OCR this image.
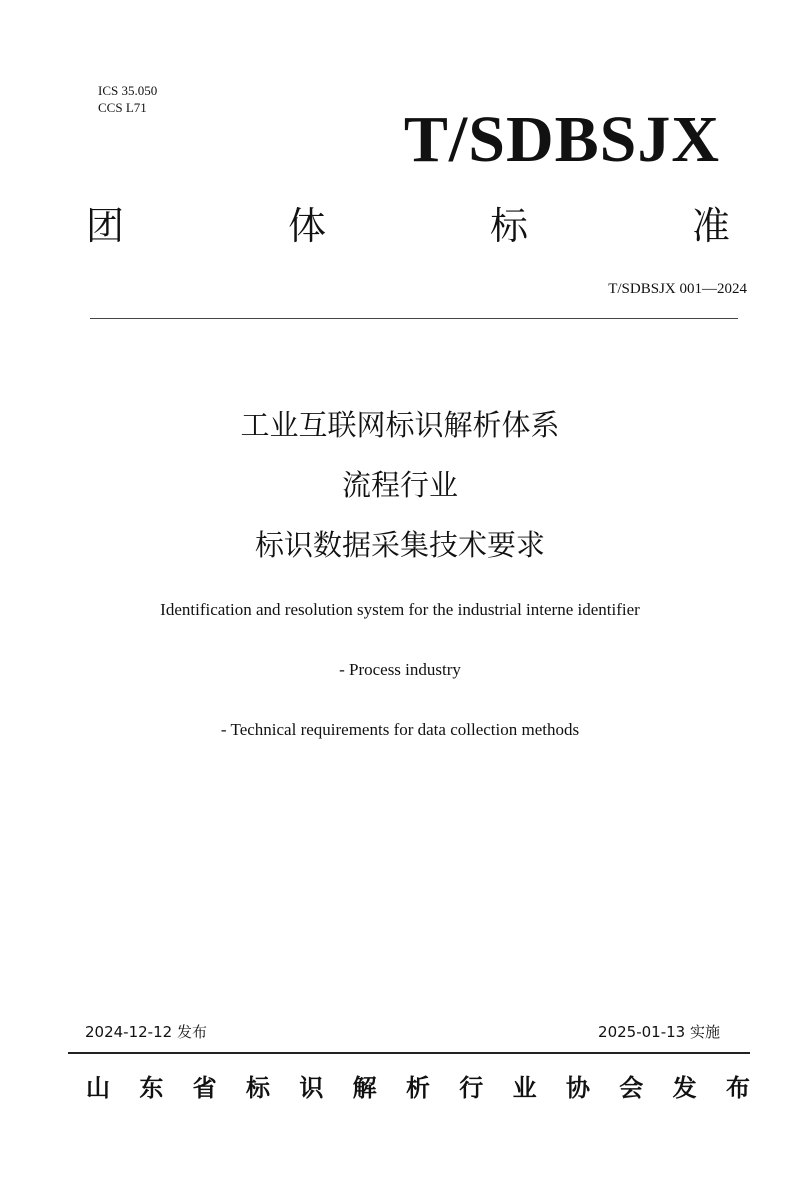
ICS 35.050
CCS L71	T/SDBSJX
团	体	标	准
T/SDBSJX 001—2024
工业互联网标识解析体系
流程行业
标识数据采集技术要求
Identification and resolution system for the industrial interne identifier
- Process industry
- Technical requirements for data collection methods
2024-12-12 发布	2025-01-13 实施
山 东 省 标 识 解 析 行 业 协 会 发 布
